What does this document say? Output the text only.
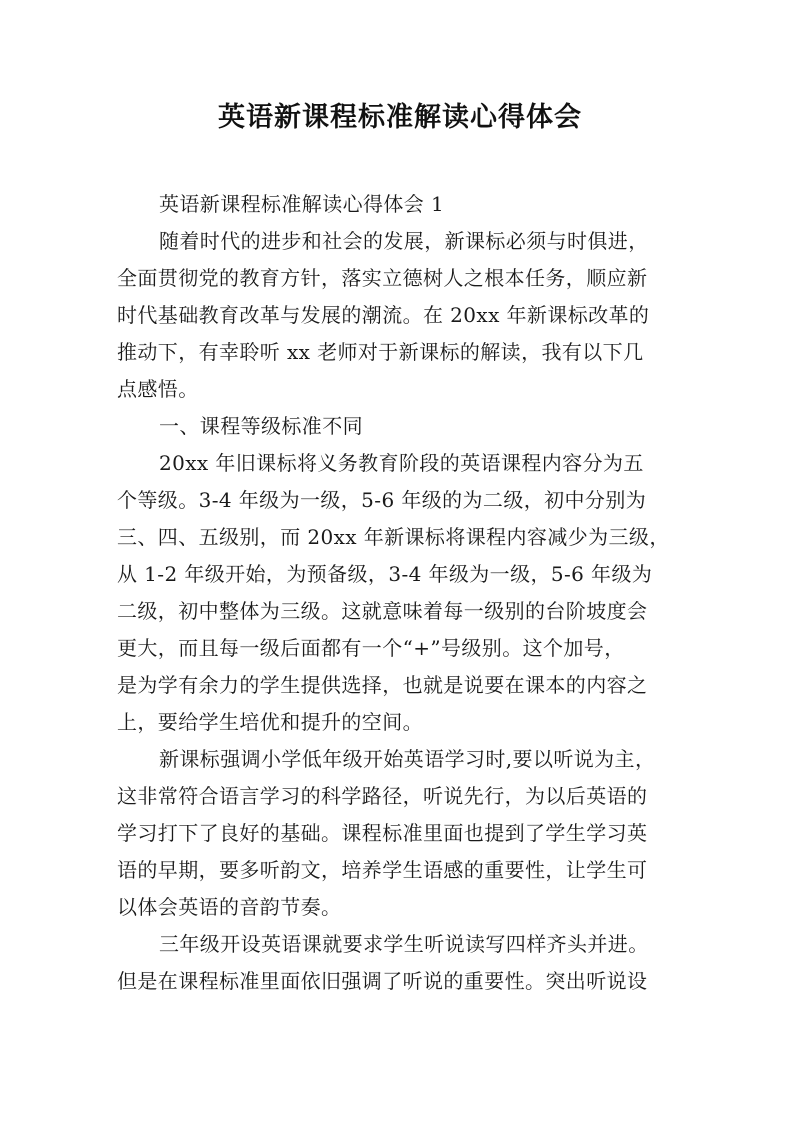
英语新课程标准解读心得体会
英语新课程标准解读心得体会 1
随着时代的进步和社会的发展，新课标必须与时俱进，
全面贯彻党的教育方针，落实立德树人之根本任务，顺应新
时代基础教育改革与发展的潮流。在 20xx 年新课标改革的
推动下，有幸聆听 xx 老师对于新课标的解读，我有以下几
点感悟。
一、课程等级标准不同
20xx 年旧课标将义务教育阶段的英语课程内容分为五
个等级。3-4 年级为一级，5-6 年级的为二级，初中分别为
三、四、五级别，而 20xx 年新课标将课程内容减少为三级，
从 1-2 年级开始，为预备级，3-4 年级为一级，5-6 年级为
二级，初中整体为三级。这就意味着每一级别的台阶坡度会
更大，而且每一级后面都有一个“+”号级别。这个加号，
是为学有余力的学生提供选择，也就是说要在课本的内容之
上，要给学生培优和提升的空间。
新课标强调小学低年级开始英语学习时,要以听说为主，
这非常符合语言学习的科学路径，听说先行，为以后英语的
学习打下了良好的基础。课程标准里面也提到了学生学习英
语的早期，要多听韵文，培养学生语感的重要性，让学生可
以体会英语的音韵节奏。
三年级开设英语课就要求学生听说读写四样齐头并进。
但是在课程标准里面依旧强调了听说的重要性。突出听说设
